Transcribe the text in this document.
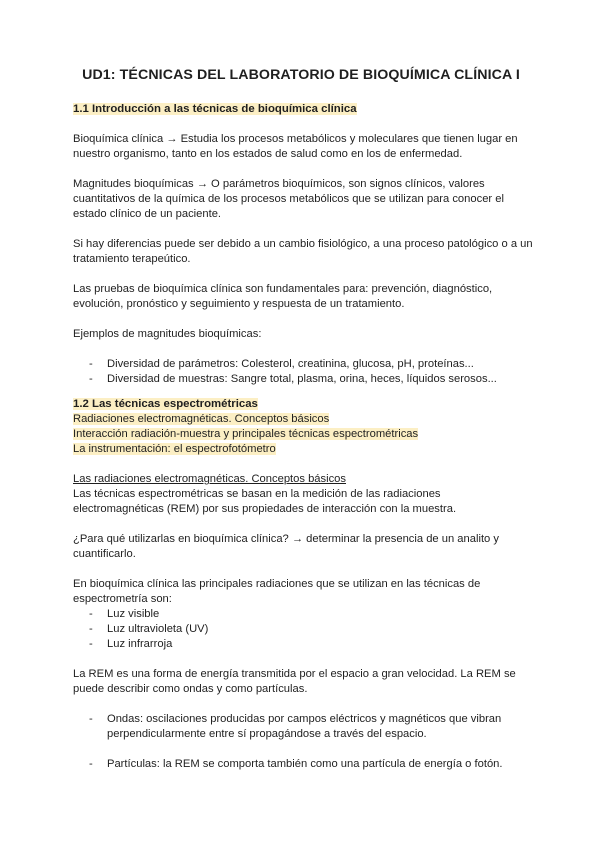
UD1: TÉCNICAS DEL LABORATORIO DE BIOQUÍMICA CLÍNICA I
1.1 Introducción a las técnicas de bioquímica clínica

Bioquímica clínica → Estudia los procesos metabólicos y moleculares que tienen lugar en nuestro organismo, tanto en los estados de salud como en los de enfermedad.

Magnitudes bioquímicas → O parámetros bioquímicos, son signos clínicos, valores cuantitativos de la química de los procesos metabólicos que se utilizan para conocer el estado clínico de un paciente.

Si hay diferencias puede ser debido a un cambio fisiológico, a una proceso patológico o a un tratamiento terapeútico.

Las pruebas de bioquímica clínica son fundamentales para: prevención, diagnóstico, evolución, pronóstico y seguimiento y respuesta de un tratamiento.

Ejemplos de magnitudes bioquímicas:

- Diversidad de parámetros: Colesterol, creatinina, glucosa, pH, proteínas...
- Diversidad de muestras: Sangre total, plasma, orina, heces, líquidos serosos...
1.2 Las técnicas espectrométricas
Radiaciones electromagnéticas. Conceptos básicos
Interacción radiación-muestra y principales técnicas espectrométricas
La instrumentación: el espectrofotómetro

Las radiaciones electromagnéticas. Conceptos básicos

Las técnicas espectrométricas se basan en la medición de las radiaciones electromagnéticas (REM) por sus propiedades de interacción con la muestra.

¿Para qué utilizarlas en bioquímica clínica? → determinar la presencia de un analito y cuantificarlo.

En bioquímica clínica las principales radiaciones que se utilizan en las técnicas de espectrometría son:

- Luz visible
- Luz ultravioleta (UV)
- Luz infrarroja

La REM es una forma de energía transmitida por el espacio a gran velocidad. La REM se puede describir como ondas y como partículas.

- Ondas: oscilaciones producidas por campos eléctricos y magnéticos que vibran perpendicularmente entre sí propagándose a través del espacio.
- Partículas: la REM se comporta también como una partícula de energía o fotón.
